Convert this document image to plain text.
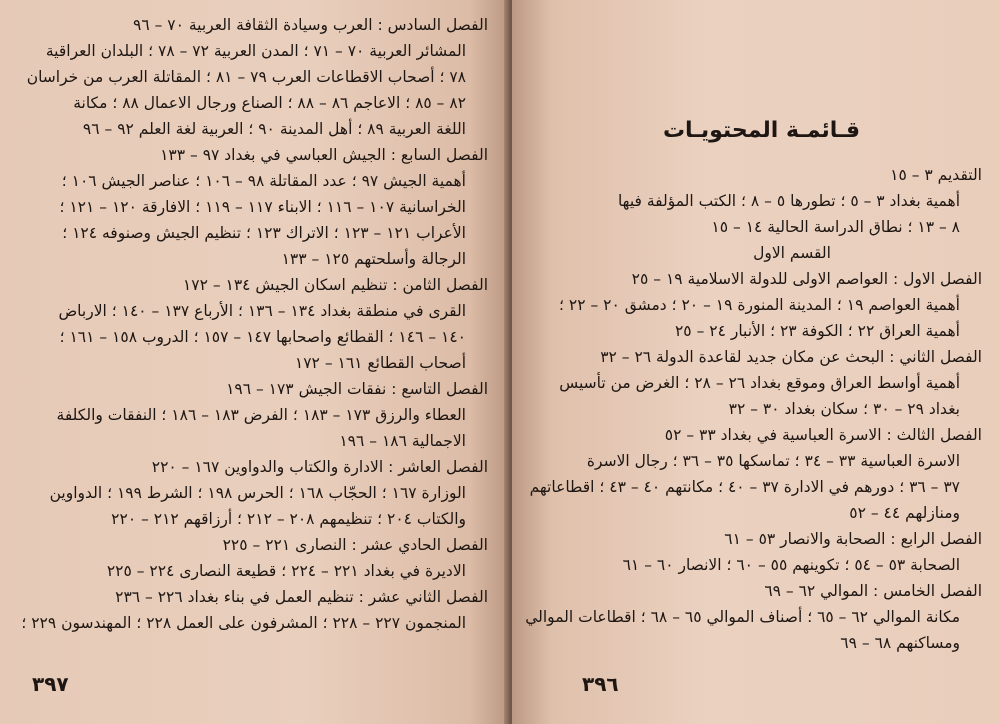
الفصل السادس : العرب وسيادة الثقافة العربية ٧٠ – ٩٦
المشائر العربية ٧٠ – ٧١ ؛ المدن العربية ٧٢ – ٧٨ ؛ البلدان العراقية
٧٨ ؛ أصحاب الاقطاعات العرب ٧٩ – ٨١ ؛ المقاتلة العرب من خراسان
٨٢ – ٨٥ ؛ الاعاجم ٨٦ – ٨٨ ؛ الصناع ورجال الاعمال ٨٨ ؛ مكانة
اللغة العربية ٨٩ ؛ أهل المدينة ٩٠ ؛ العربية لغة العلم ٩٢ – ٩٦
الفصل السابع : الجيش العباسي في بغداد ٩٧ – ١٣٣
أهمية الجيش ٩٧ ؛ عدد المقاتلة ٩٨ – ١٠٦ ؛ عناصر الجيش ١٠٦ ؛
الخراسانية ١٠٧ – ١١٦ ؛ الابناء ١١٧ – ١١٩ ؛ الافارقة ١٢٠ – ١٢١ ؛
الأعراب ١٢١ – ١٢٣ ؛ الاتراك ١٢٣ ؛ تنظيم الجيش وصنوفه ١٢٤ ؛
الرجالة وأسلحتهم ١٢٥ – ١٣٣
الفصل الثامن : تنظيم اسكان الجيش ١٣٤ – ١٧٢
القرى في منطقة بغداد ١٣٤ – ١٣٦ ؛ الأرباع ١٣٧ – ١٤٠ ؛ الارباض
١٤٠ – ١٤٦ ؛ القطائع واصحابها ١٤٧ – ١٥٧ ؛ الدروب ١٥٨ – ١٦١ ؛
أصحاب القطائع ١٦١ – ١٧٢
الفصل التاسع : نفقات الجيش ١٧٣ – ١٩٦
العطاء والرزق ١٧٣ – ١٨٣ ؛ الفرض ١٨٣ – ١٨٦ ؛ النفقات والكلفة
الاجمالية ١٨٦ – ١٩٦
الفصل العاشر : الادارة والكتاب والدواوين ١٦٧ – ٢٢٠
الوزارة ١٦٧ ؛ الحجّاب ١٦٨ ؛ الحرس ١٩٨ ؛ الشرط ١٩٩ ؛ الدواوين
والكتاب ٢٠٤ ؛ تنظيمهم ٢٠٨ – ٢١٢ ؛ أرزاقهم ٢١٢ – ٢٢٠
الفصل الحادي عشر : النصارى ٢٢١ – ٢٢٥
الاديرة في بغداد ٢٢١ – ٢٢٤ ؛ قطيعة النصارى ٢٢٤ – ٢٢٥
الفصل الثاني عشر : تنظيم العمل في بناء بغداد ٢٢٦ – ٢٣٦
المنجمون ٢٢٧ – ٢٢٨ ؛ المشرفون على العمل ٢٢٨ ؛ المهندسون ٢٢٩ ؛
٣٩٧
قـائمـة المحتويـات
التقديم ٣ – ١٥
أهمية بغداد ٣ – ٥ ؛ تطورها ٥ – ٨ ؛ الكتب المؤلفة فيها
٨ – ١٣ ؛ نطاق الدراسة الحالية ١٤ – ١٥
القسم الاول
الفصل الاول : العواصم الاولى للدولة الاسلامية ١٩ – ٢٥
أهمية العواصم ١٩ ؛ المدينة المنورة ١٩ – ٢٠ ؛ دمشق ٢٠ – ٢٢ ؛
أهمية العراق ٢٢ ؛ الكوفة ٢٣ ؛ الأنبار ٢٤ – ٢٥
الفصل الثاني : البحث عن مكان جديد لقاعدة الدولة ٢٦ – ٣٢
أهمية أواسط العراق وموقع بغداد ٢٦ – ٢٨ ؛ الغرض من تأسيس
بغداد ٢٩ – ٣٠ ؛ سكان بغداد ٣٠ – ٣٢
الفصل الثالث : الاسرة العباسية في بغداد ٣٣ – ٥٢
الاسرة العباسية ٣٣ – ٣٤ ؛ تماسكها ٣٥ – ٣٦ ؛ رجال الاسرة
٣٧ – ٣٦ ؛ دورهم في الادارة ٣٧ – ٤٠ ؛ مكانتهم ٤٠ – ٤٣ ؛ اقطاعاتهم
ومنازلهم ٤٤ – ٥٢
الفصل الرابع : الصحابة والانصار ٥٣ – ٦١
الصحابة ٥٣ – ٥٤ ؛ تكوينهم ٥٥ – ٦٠ ؛ الانصار ٦٠ – ٦١
الفصل الخامس : الموالي ٦٢ – ٦٩
مكانة الموالي ٦٢ – ٦٥ ؛ أصناف الموالي ٦٥ – ٦٨ ؛ اقطاعات الموالي
ومساكنهم ٦٨ – ٦٩
٣٩٦
